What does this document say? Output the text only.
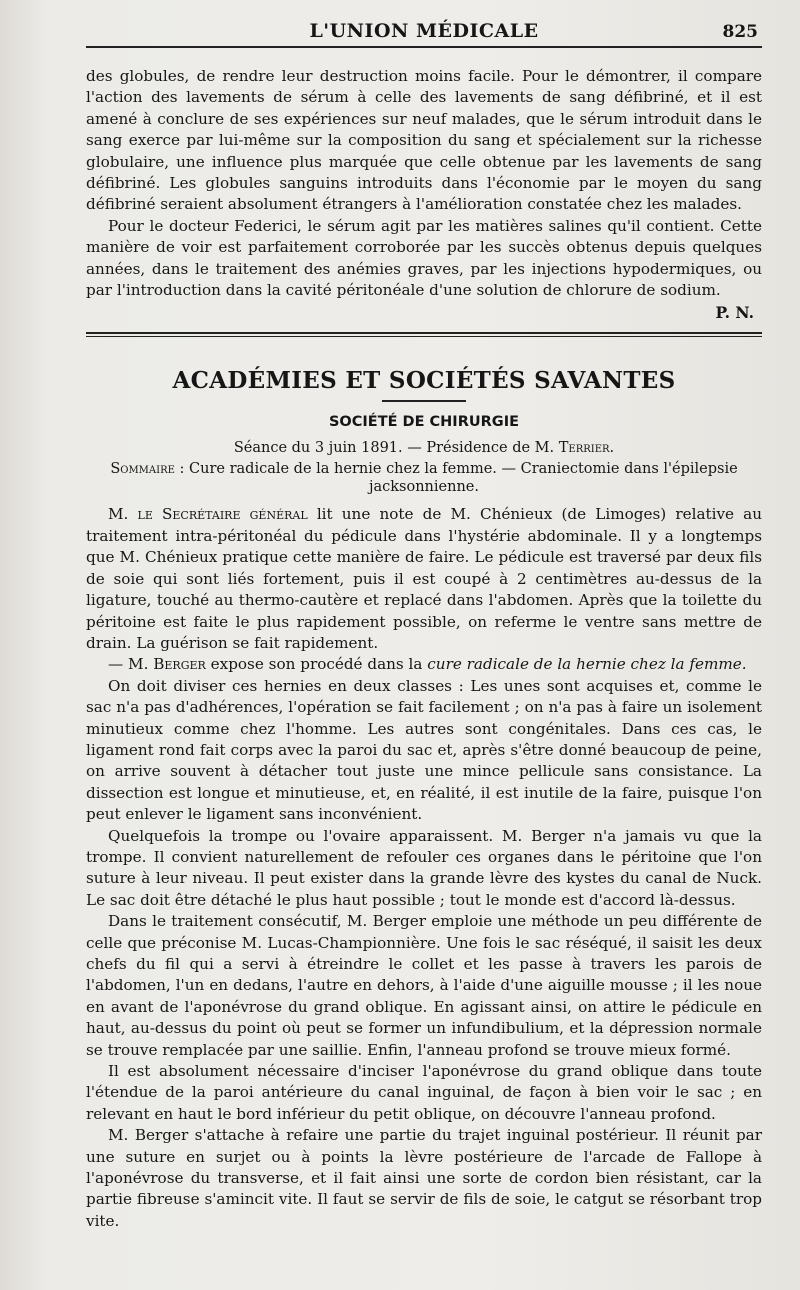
L'UNION MÉDICALE	825

des globules, de rendre leur destruction moins facile. Pour le démontrer, il compare l'action des lavements de sérum à celle des lavements de sang défibriné, et il est amené à conclure de ses expériences sur neuf malades, que le sérum introduit dans le sang exerce par lui-même sur la composition du sang et spécialement sur la richesse globulaire, une influence plus marquée que celle obtenue par les lavements de sang défibriné. Les globules sanguins introduits dans l'économie par le moyen du sang défibriné seraient absolument étrangers à l'amélioration constatée chez les malades.

Pour le docteur Federici, le sérum agit par les matières salines qu'il contient. Cette manière de voir est parfaitement corroborée par les succès obtenus depuis quelques années, dans le traitement des anémies graves, par les injections hypodermiques, ou par l'introduction dans la cavité péritonéale d'une solution de chlorure de sodium.

P. N.
ACADÉMIES ET SOCIÉTÉS SAVANTES
SOCIÉTÉ DE CHIRURGIE
Séance du 3 juin 1891. — Présidence de M. Terrier.
Sommaire : Cure radicale de la hernie chez la femme. — Craniectomie dans l'épilepsie jacksonnienne.

M. le Secrétaire général lit une note de M. Chénieux (de Limoges) relative au traitement intra-péritonéal du pédicule dans l'hystérie abdominale. Il y a longtemps que M. Chénieux pratique cette manière de faire. Le pédicule est traversé par deux fils de soie qui sont liés fortement, puis il est coupé à 2 centimètres au-dessus de la ligature, touché au thermo-cautère et replacé dans l'abdomen. Après que la toilette du péritoine est faite le plus rapidement possible, on referme le ventre sans mettre de drain. La guérison se fait rapidement.

— M. Berger expose son procédé dans la cure radicale de la hernie chez la femme.

On doit diviser ces hernies en deux classes : Les unes sont acquises et, comme le sac n'a pas d'adhérences, l'opération se fait facilement ; on n'a pas à faire un isolement minutieux comme chez l'homme. Les autres sont congénitales. Dans ces cas, le ligament rond fait corps avec la paroi du sac et, après s'être donné beaucoup de peine, on arrive souvent à détacher tout juste une mince pellicule sans consistance. La dissection est longue et minutieuse, et, en réalité, il est inutile de la faire, puisque l'on peut enlever le ligament sans inconvénient.

Quelquefois la trompe ou l'ovaire apparaissent. M. Berger n'a jamais vu que la trompe. Il convient naturellement de refouler ces organes dans le péritoine que l'on suture à leur niveau. Il peut exister dans la grande lèvre des kystes du canal de Nuck. Le sac doit être détaché le plus haut possible ; tout le monde est d'accord là-dessus.

Dans le traitement consécutif, M. Berger emploie une méthode un peu différente de celle que préconise M. Lucas-Championnière. Une fois le sac réséqué, il saisit les deux chefs du fil qui a servi à étreindre le collet et les passe à travers les parois de l'abdomen, l'un en dedans, l'autre en dehors, à l'aide d'une aiguille mousse ; il les noue en avant de l'aponévrose du grand oblique. En agissant ainsi, on attire le pédicule en haut, au-dessus du point où peut se former un infundibulium, et la dépression normale se trouve remplacée par une saillie. Enfin, l'anneau profond se trouve mieux formé.

Il est absolument nécessaire d'inciser l'aponévrose du grand oblique dans toute l'étendue de la paroi antérieure du canal inguinal, de façon à bien voir le sac ; en relevant en haut le bord inférieur du petit oblique, on découvre l'anneau profond.

M. Berger s'attache à refaire une partie du trajet inguinal postérieur. Il réunit par une suture en surjet ou à points la lèvre postérieure de l'arcade de Fallope à l'aponévrose du transverse, et il fait ainsi une sorte de cordon bien résistant, car la partie fibreuse s'amincit vite. Il faut se servir de fils de soie, le catgut se résorbant trop vite.
